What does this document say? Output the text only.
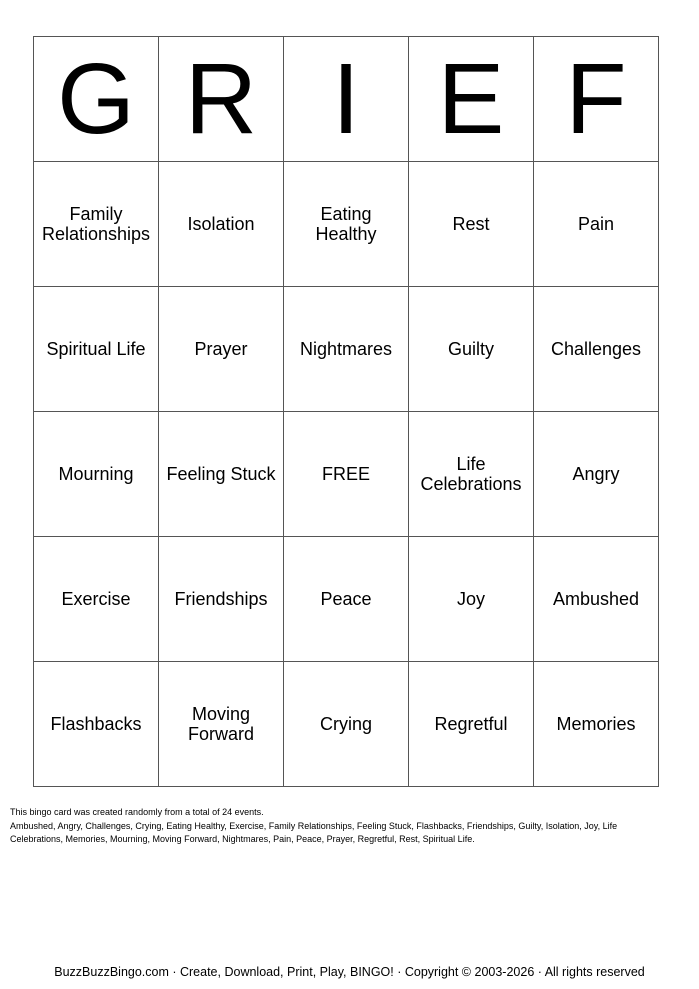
G	R	I	E	F
Family Relationships	Isolation	Eating Healthy	Rest	Pain
Spiritual Life	Prayer	Nightmares	Guilty	Challenges
Mourning	Feeling Stuck	FREE	Life Celebrations	Angry
Exercise	Friendships	Peace	Joy	Ambushed
Flashbacks	Moving Forward	Crying	Regretful	Memories

This bingo card was created randomly from a total of 24 events.

Ambushed, Angry, Challenges, Crying, Eating Healthy, Exercise, Family Relationships, Feeling Stuck, Flashbacks, Friendships, Guilty, Isolation, Joy, Life Celebrations, Memories, Mourning, Moving Forward, Nightmares, Pain, Peace, Prayer, Regretful, Rest, Spiritual Life.

BuzzBuzzBingo.com · Create, Download, Print, Play, BINGO! · Copyright © 2003-2026 · All rights reserved
